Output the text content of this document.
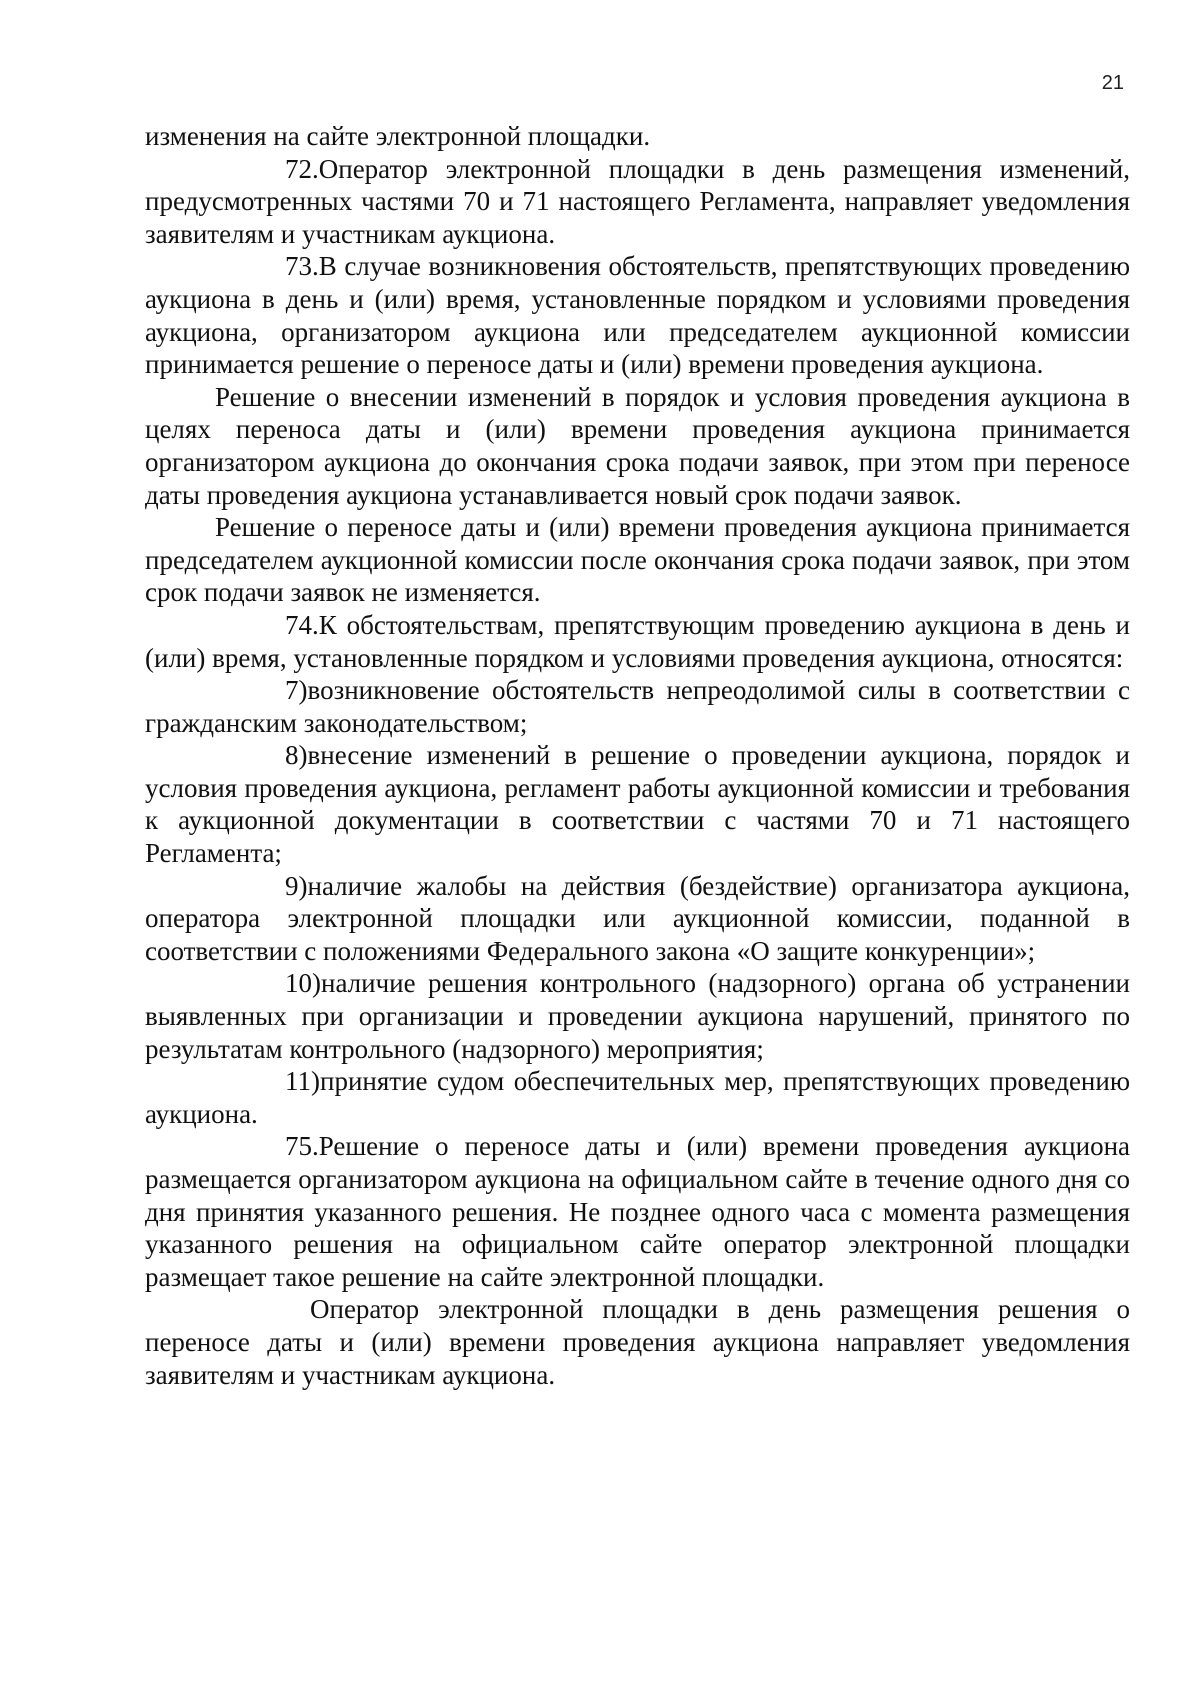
21

изменения на сайте электронной площадки.

72.Оператор электронной площадки в день размещения изменений, предусмотренных частями 70 и 71 настоящего Регламента, направляет уведомления заявителям и участникам аукциона.

73.В случае возникновения обстоятельств, препятствующих проведению аукциона в день и (или) время, установленные порядком и условиями проведения аукциона, организатором аукциона или председателем аукционной комиссии принимается решение о переносе даты и (или) времени проведения аукциона.

Решение о внесении изменений в порядок и условия проведения аукциона в целях переноса даты и (или) времени проведения аукциона принимается организатором аукциона до окончания срока подачи заявок, при этом при переносе даты проведения аукциона устанавливается новый срок подачи заявок.

Решение о переносе даты и (или) времени проведения аукциона принимается председателем аукционной комиссии после окончания срока подачи заявок, при этом срок подачи заявок не изменяется.

74.К обстоятельствам, препятствующим проведению аукциона в день и (или) время, установленные порядком и условиями проведения аукциона, относятся:

7)возникновение обстоятельств непреодолимой силы в соответствии с гражданским законодательством;

8)внесение изменений в решение о проведении аукциона, порядок и условия проведения аукциона, регламент работы аукционной комиссии и требования к аукционной документации в соответствии с частями 70 и 71 настоящего Регламента;

9)наличие жалобы на действия (бездействие) организатора аукциона, оператора электронной площадки или аукционной комиссии, поданной в соответствии с положениями Федерального закона «О защите конкуренции»;

10)наличие решения контрольного (надзорного) органа об устранении выявленных при организации и проведении аукциона нарушений, принятого по результатам контрольного (надзорного) мероприятия;

11)принятие судом обеспечительных мер, препятствующих проведению аукциона.

75.Решение о переносе даты и (или) времени проведения аукциона размещается организатором аукциона на официальном сайте в течение одного дня со дня принятия указанного решения. Не позднее одного часа с момента размещения указанного решения на официальном сайте оператор электронной площадки размещает такое решение на сайте электронной площадки.

Оператор электронной площадки в день размещения решения о переносе даты и (или) времени проведения аукциона направляет уведомления заявителям и участникам аукциона.
